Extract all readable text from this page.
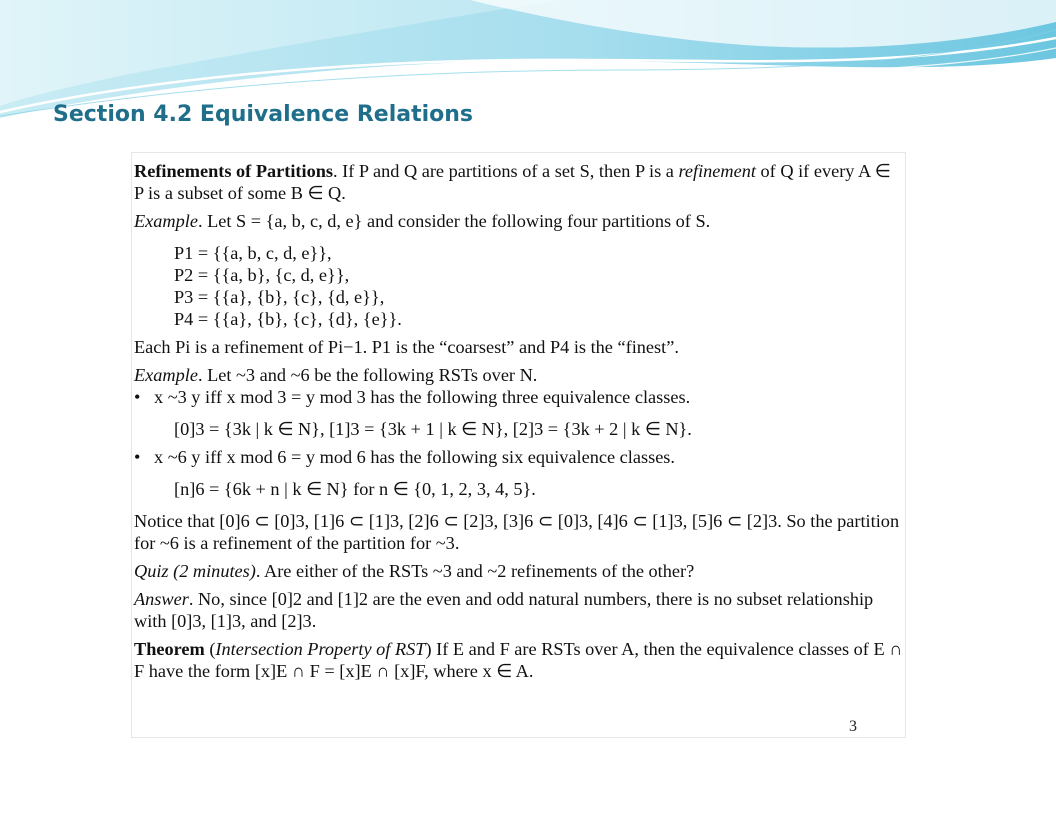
Section 4.2 Equivalence Relations

Refinements of Partitions. If P and Q are partitions of a set S, then P is a refinement of Q if every A ∈ P is a subset of some B ∈ Q.

Example. Let S = {a, b, c, d, e} and consider the following four partitions of S.

P1 = {{a, b, c, d, e}},

P2 = {{a, b}, {c, d, e}},

P3 = {{a}, {b}, {c}, {d, e}},

P4 = {{a}, {b}, {c}, {d}, {e}}.

Each Pi is a refinement of Pi−1. P1 is the “coarsest” and P4 is the “finest”.

Example. Let ~3 and ~6 be the following RSTs over N.

• x ~3 y iff x mod 3 = y mod 3 has the following three equivalence classes.

[0]3 = {3k | k ∈ N}, [1]3 = {3k + 1 | k ∈ N}, [2]3 = {3k + 2 | k ∈ N}.

• x ~6 y iff x mod 6 = y mod 6 has the following six equivalence classes.

[n]6 = {6k + n | k ∈ N} for n ∈ {0, 1, 2, 3, 4, 5}.

Notice that [0]6 ⊂ [0]3, [1]6 ⊂ [1]3, [2]6 ⊂ [2]3, [3]6 ⊂ [0]3, [4]6 ⊂ [1]3, [5]6 ⊂ [2]3. So the partition for ~6 is a refinement of the partition for ~3.

Quiz (2 minutes). Are either of the RSTs ~3 and ~2 refinements of the other?

Answer. No, since [0]2 and [1]2 are the even and odd natural numbers, there is no subset relationship with [0]3, [1]3, and [2]3.

Theorem (Intersection Property of RST) If E and F are RSTs over A, then the equivalence classes of E ∩ F have the form [x]E ∩ F = [x]E ∩ [x]F, where x ∈ A.

3
